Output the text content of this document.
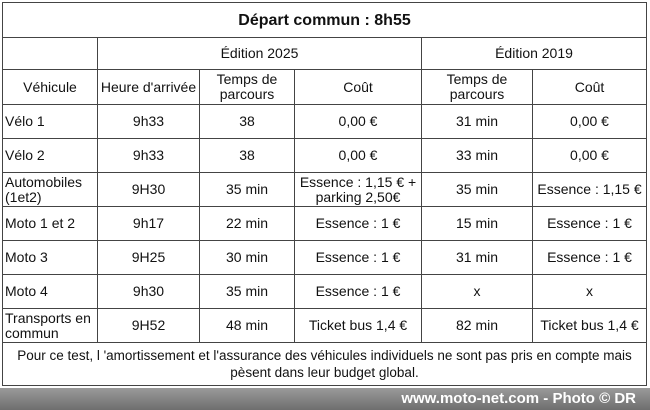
Départ commun : 8h55					
	Édition 2025			Édition 2019	
Véhicule	Heure d'arrivée	Temps de parcours	Coût	Temps de parcours	Coût
Vélo 1	9h33	38	0,00 €	31 min	0,00 €
Vélo 2	9h33	38	0,00 €	33 min	0,00 €
Automobiles (1et2)	9H30	35 min	Essence : 1,15 € + parking 2,50€	35 min	Essence : 1,15 €
Moto 1 et 2	9h17	22 min	Essence : 1 €	15 min	Essence : 1 €
Moto 3	9H25	30 min	Essence : 1 €	31 min	Essence : 1 €
Moto 4	9h30	35 min	Essence : 1 €	x	x
Transports en commun	9H52	48 min	Ticket bus 1,4 €	82 min	Ticket bus 1,4 €
Pour ce test, l 'amortissement et l'assurance des véhicules individuels ne sont pas pris en compte mais pèsent dans leur budget global.					
www.moto-net.com - Photo © DR
